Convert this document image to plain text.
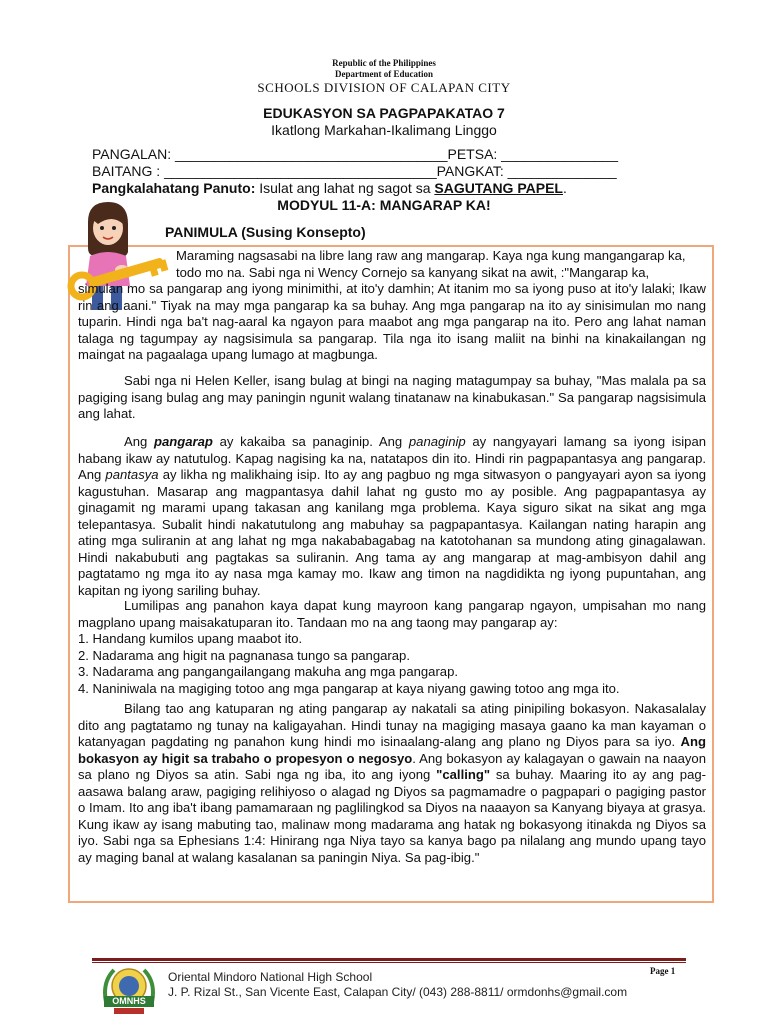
Republic of the Philippines
Department of Education
SCHOOLS DIVISION OF CALAPAN CITY
EDUKASYON SA PAGPAPAKATAO 7
Ikatlong Markahan-Ikalimang Linggo
PANGALAN: ___________________________________PETSA: _______________
BAITANG : ___________________________________PANGKAT: ______________
Pangkalahatang Panuto: Isulat ang lahat ng sagot sa SAGUTANG PAPEL.
MODYUL 11-A: MANGARAP KA!
PANIMULA (Susing Konsepto)

Maraming nagsasabi na libre lang raw ang mangarap. Kaya nga kung mangangarap ka,

todo mo na. Sabi nga ni Wency Cornejo sa kanyang sikat na awit, :"Mangarap ka,

simulan mo sa pangarap ang iyong minimithi, at ito'y damhin; At itanim mo sa iyong puso at ito'y lalaki; Ikaw rin ang aani." Tiyak na may mga pangarap ka sa buhay. Ang mga pangarap na ito ay sinisimulan mo nang tuparin. Hindi nga ba't nag-aaral ka ngayon para maabot ang mga pangarap na ito. Pero ang lahat naman talaga ng tagumpay ay nagsisimula sa pangarap. Tila nga ito isang maliit na binhi na kinakailangan ng maingat na pagaalaga upang lumago at magbunga.

Sabi nga ni Helen Keller, isang bulag at bingi na naging matagumpay sa buhay, "Mas malala pa sa pagiging isang bulag ang may paningin ngunit walang tinatanaw na kinabukasan." Sa pangarap nagsisimula ang lahat.

Ang pangarap ay kakaiba sa panaginip. Ang panaginip ay nangyayari lamang sa iyong isipan habang ikaw ay natutulog. Kapag nagising ka na, natatapos din ito. Hindi rin pagpapantasya ang pangarap. Ang pantasya ay likha ng malikhaing isip. Ito ay ang pagbuo ng mga sitwasyon o pangyayari ayon sa iyong kagustuhan. Masarap ang magpantasya dahil lahat ng gusto mo ay posible. Ang pagpapantasya ay ginagamit ng marami upang takasan ang kanilang mga problema. Kaya siguro sikat na sikat ang mga telepantasya. Subalit hindi nakatutulong ang mabuhay sa pagpapantasya. Kailangan nating harapin ang ating mga suliranin at ang lahat ng mga nakababagabag na katotohanan sa mundong ating ginagalawan. Hindi nakabubuti ang pagtakas sa suliranin. Ang tama ay ang mangarap at mag-ambisyon dahil ang pagtatamo ng mga ito ay nasa mga kamay mo. Ikaw ang timon na nagdidikta ng iyong pupuntahan, ang kapitan ng iyong sariling buhay.

Lumilipas ang panahon kaya dapat kung mayroon kang pangarap ngayon, umpisahan mo nang magplano upang maisakatuparan ito. Tandaan mo na ang taong may pangarap ay:

1. Handang kumilos upang maabot ito.
2. Nadarama ang higit na pagnanasa tungo sa pangarap.
3. Nadarama ang pangangailangang makuha ang mga pangarap.
4. Naniniwala na magiging totoo ang mga pangarap at kaya niyang gawing totoo ang mga ito.

Bilang tao ang katuparan ng ating pangarap ay nakatali sa ating pinipiling bokasyon. Nakasalalay dito ang pagtatamo ng tunay na kaligayahan. Hindi tunay na magiging masaya gaano ka man kayaman o katanyagan pagdating ng panahon kung hindi mo isinaalang-alang ang plano ng Diyos para sa iyo. Ang bokasyon ay higit sa trabaho o propesyon o negosyo. Ang bokasyon ay kalagayan o gawain na naayon sa plano ng Diyos sa atin. Sabi nga ng iba, ito ang iyong "calling" sa buhay. Maaring ito ay ang pag-aasawa balang araw, pagiging relihiyoso o alagad ng Diyos sa pagmamadre o pagpapari o pagiging pastor o Imam. Ito ang iba't ibang pamamaraan ng paglilingkod sa Diyos na naaayon sa Kanyang biyaya at grasya. Kung ikaw ay isang mabuting tao, malinaw mong madarama ang hatak ng bokasyong itinakda ng Diyos sa iyo. Sabi nga sa Ephesians 1:4: Hinirang nga Niya tayo sa kanya bago pa nilalang ang mundo upang tayo ay maging banal at walang kasalanan sa paningin Niya. Sa pag-ibig."

OMNHS
Oriental Mindoro National High School
J. P. Rizal St., San Vicente East, Calapan City/ (043) 288-8811/ ormdonhs@gmail.com
Page 1
